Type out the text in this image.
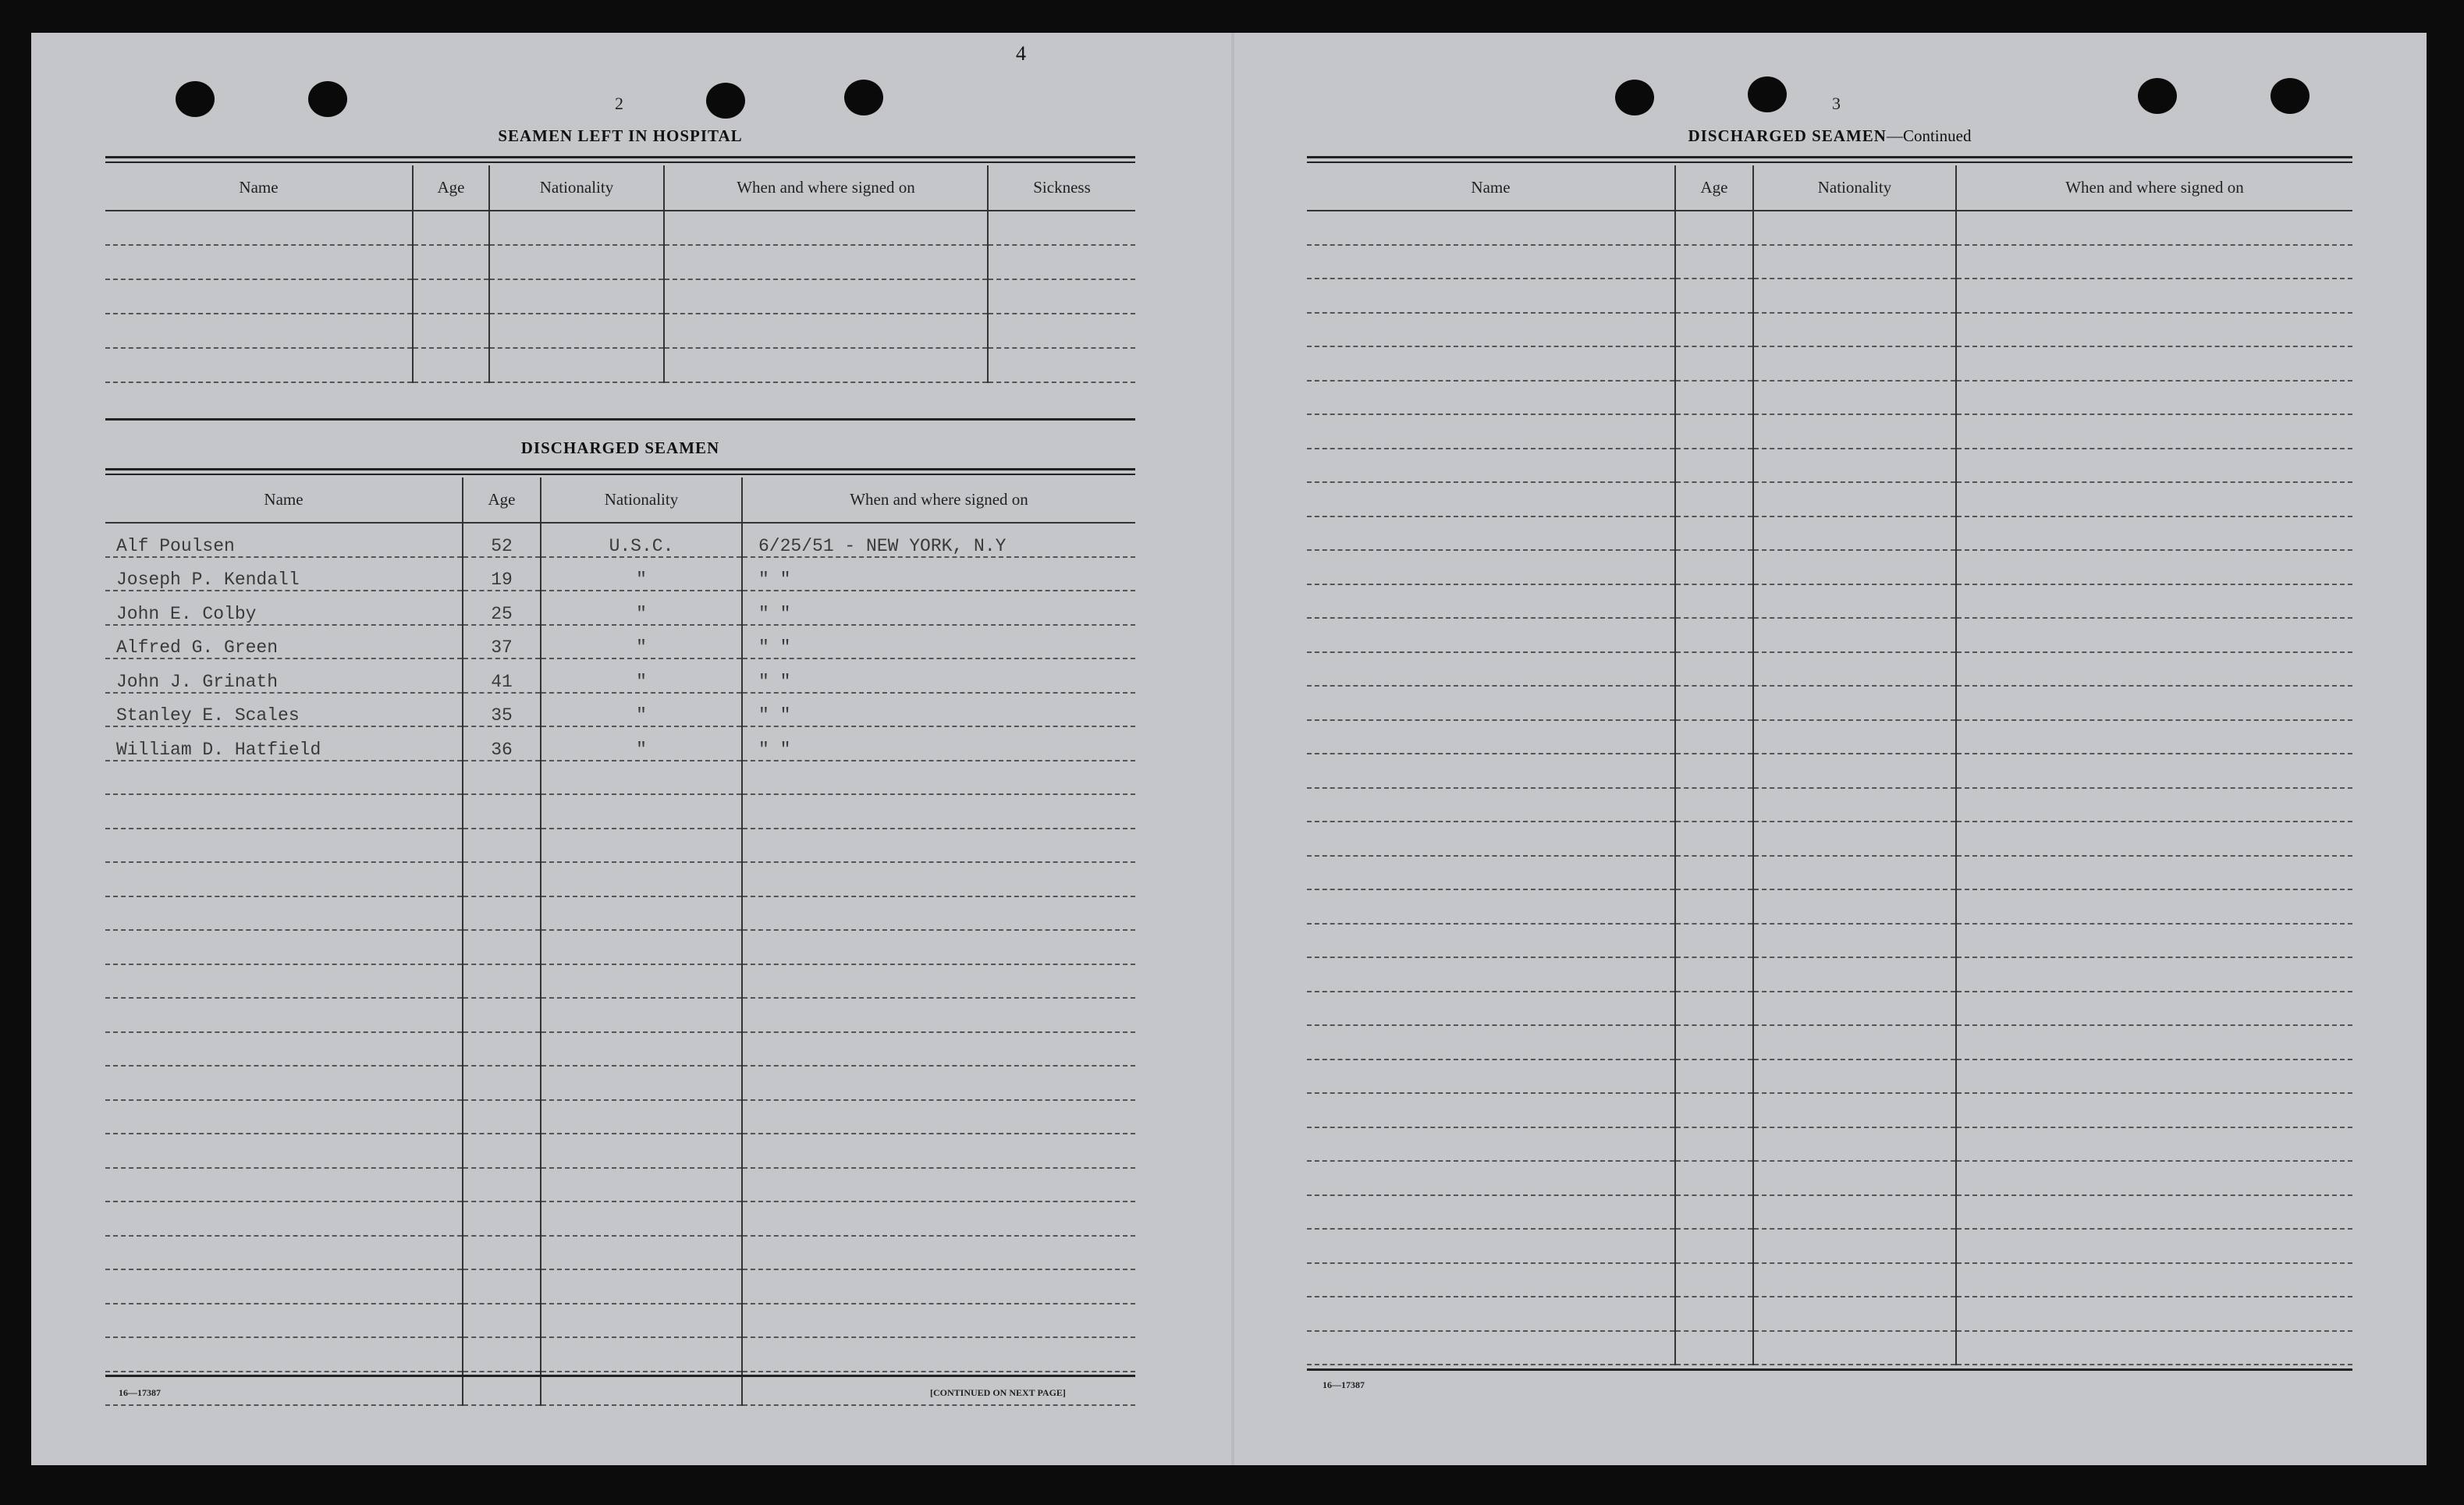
4
2
SEAMEN LEFT IN HOSPITAL
Name	Age	Nationality	When and where signed on	Sickness

DISCHARGED SEAMEN
Name	Age	Nationality	When and where signed on
Alf Poulsen	52	U.S.C.	6/25/51 - NEW YORK, N.Y
Joseph P. Kendall	19	"	" "
John E. Colby	25	"	" "
Alfred G. Green	37	"	" "
John J. Grinath	41	"	" "
Stanley E. Scales	35	"	" "
William D. Hatfield	36	"	" "

16—17387	[CONTINUED ON NEXT PAGE]
3
DISCHARGED SEAMEN—Continued
Name	Age	Nationality	When and where signed on

16—17387
